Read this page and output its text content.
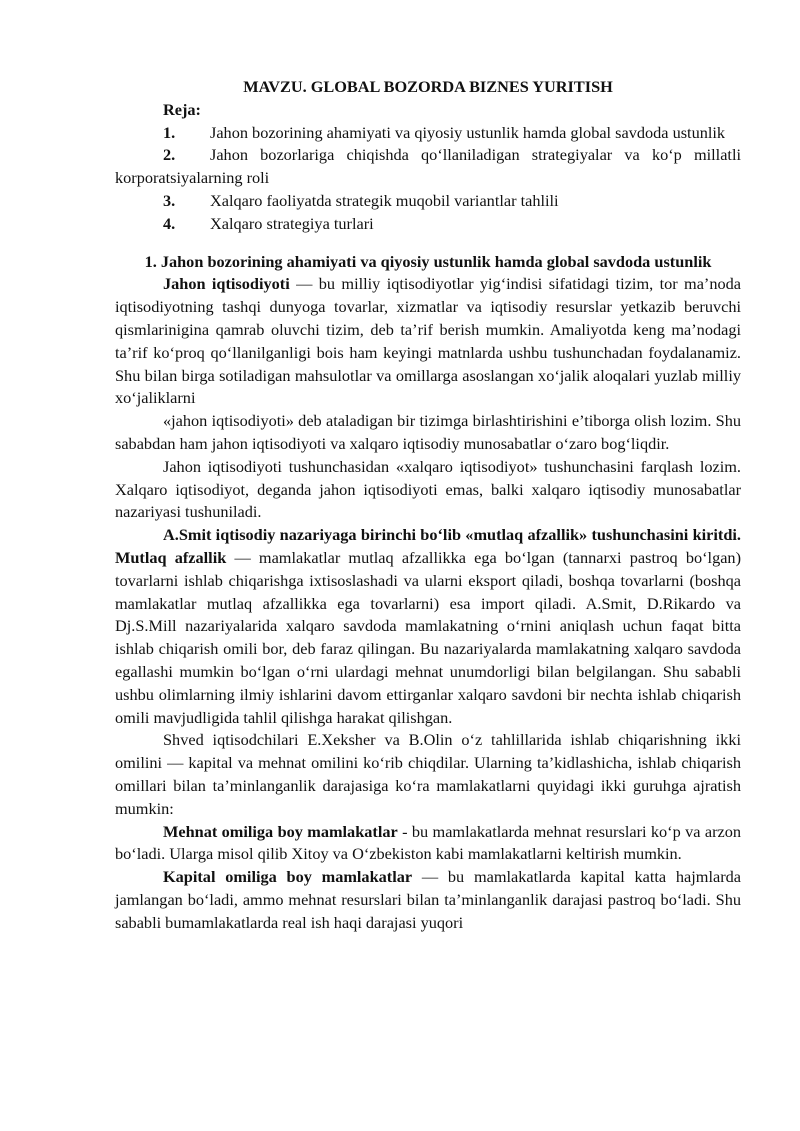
MAVZU. GLOBAL BOZORDA BIZNES YURITISH

Reja:

1. Jahon bozorining ahamiyati va qiyosiy ustunlik hamda global savdoda ustunlik

2. Jahon bozorlariga chiqishda qo‘llaniladigan strategiyalar va ko‘p millatli korporatsiyalarning roli

3. Xalqaro faoliyatda strategik muqobil variantlar tahlili

4. Xalqaro strategiya turlari

1. Jahon bozorining ahamiyati va qiyosiy ustunlik hamda global savdoda ustunlik

Jahon iqtisodiyoti — bu milliy iqtisodiyotlar yig‘indisi sifatidagi tizim, tor ma’noda iqtisodiyotning tashqi dunyoga tovarlar, xizmatlar va iqtisodiy resurslar yetkazib beruvchi qismlarinigina qamrab oluvchi tizim, deb ta’rif berish mumkin. Amaliyotda keng ma’nodagi ta’rif ko‘proq qo‘llanilganligi bois ham keyingi matnlarda ushbu tushunchadan foydalanamiz. Shu bilan birga sotiladigan mahsulotlar va omillarga asoslangan xo‘jalik aloqalari yuzlab milliy xo‘jaliklarni

«jahon iqtisodiyoti» deb ataladigan bir tizimga birlashtirishini e’tiborga olish lozim. Shu sababdan ham jahon iqtisodiyoti va xalqaro iqtisodiy munosabatlar o‘zaro bog‘liqdir.

Jahon iqtisodiyoti tushunchasidan «xalqaro iqtisodiyot» tushunchasini farqlash lozim. Xalqaro iqtisodiyot, deganda jahon iqtisodiyoti emas, balki xalqaro iqtisodiy munosabatlar nazariyasi tushuniladi.

A.Smit iqtisodiy nazariyaga birinchi bo‘lib «mutlaq afzallik» tushunchasini kiritdi. Mutlaq afzallik — mamlakatlar mutlaq afzallikka ega bo‘lgan (tannarxi pastroq bo‘lgan) tovarlarni ishlab chiqarishga ixtisoslashadi va ularni eksport qiladi, boshqa tovarlarni (boshqa mamlakatlar mutlaq afzallikka ega tovarlarni) esa import qiladi. A.Smit, D.Rikardo va Dj.S.Mill nazariyalarida xalqaro savdoda mamlakatning o‘rnini aniqlash uchun faqat bitta ishlab chiqarish omili bor, deb faraz qilingan. Bu nazariyalarda mamlakatning xalqaro savdoda egallashi mumkin bo‘lgan o‘rni ulardagi mehnat unumdorligi bilan belgilangan. Shu sababli ushbu olimlarning ilmiy ishlarini davom ettirganlar xalqaro savdoni bir nechta ishlab chiqarish omili mavjudligida tahlil qilishga harakat qilishgan.

Shved iqtisodchilari E.Xeksher va B.Olin o‘z tahlillarida ishlab chiqarishning ikki omilini — kapital va mehnat omilini ko‘rib chiqdilar. Ularning ta’kidlashicha, ishlab chiqarish omillari bilan ta’minlanganlik darajasiga ko‘ra mamlakatlarni quyidagi ikki guruhga ajratish mumkin:

Mehnat omiliga boy mamlakatlar - bu mamlakatlarda mehnat resurslari ko‘p va arzon bo‘ladi. Ularga misol qilib Xitoy va O‘zbekiston kabi mamlakatlarni keltirish mumkin.

Kapital omiliga boy mamlakatlar — bu mamlakatlarda kapital katta hajmlarda jamlangan bo‘ladi, ammo mehnat resurslari bilan ta’minlanganlik darajasi pastroq bo‘ladi. Shu sababli bumamlakatlarda real ish haqi darajasi yuqori
